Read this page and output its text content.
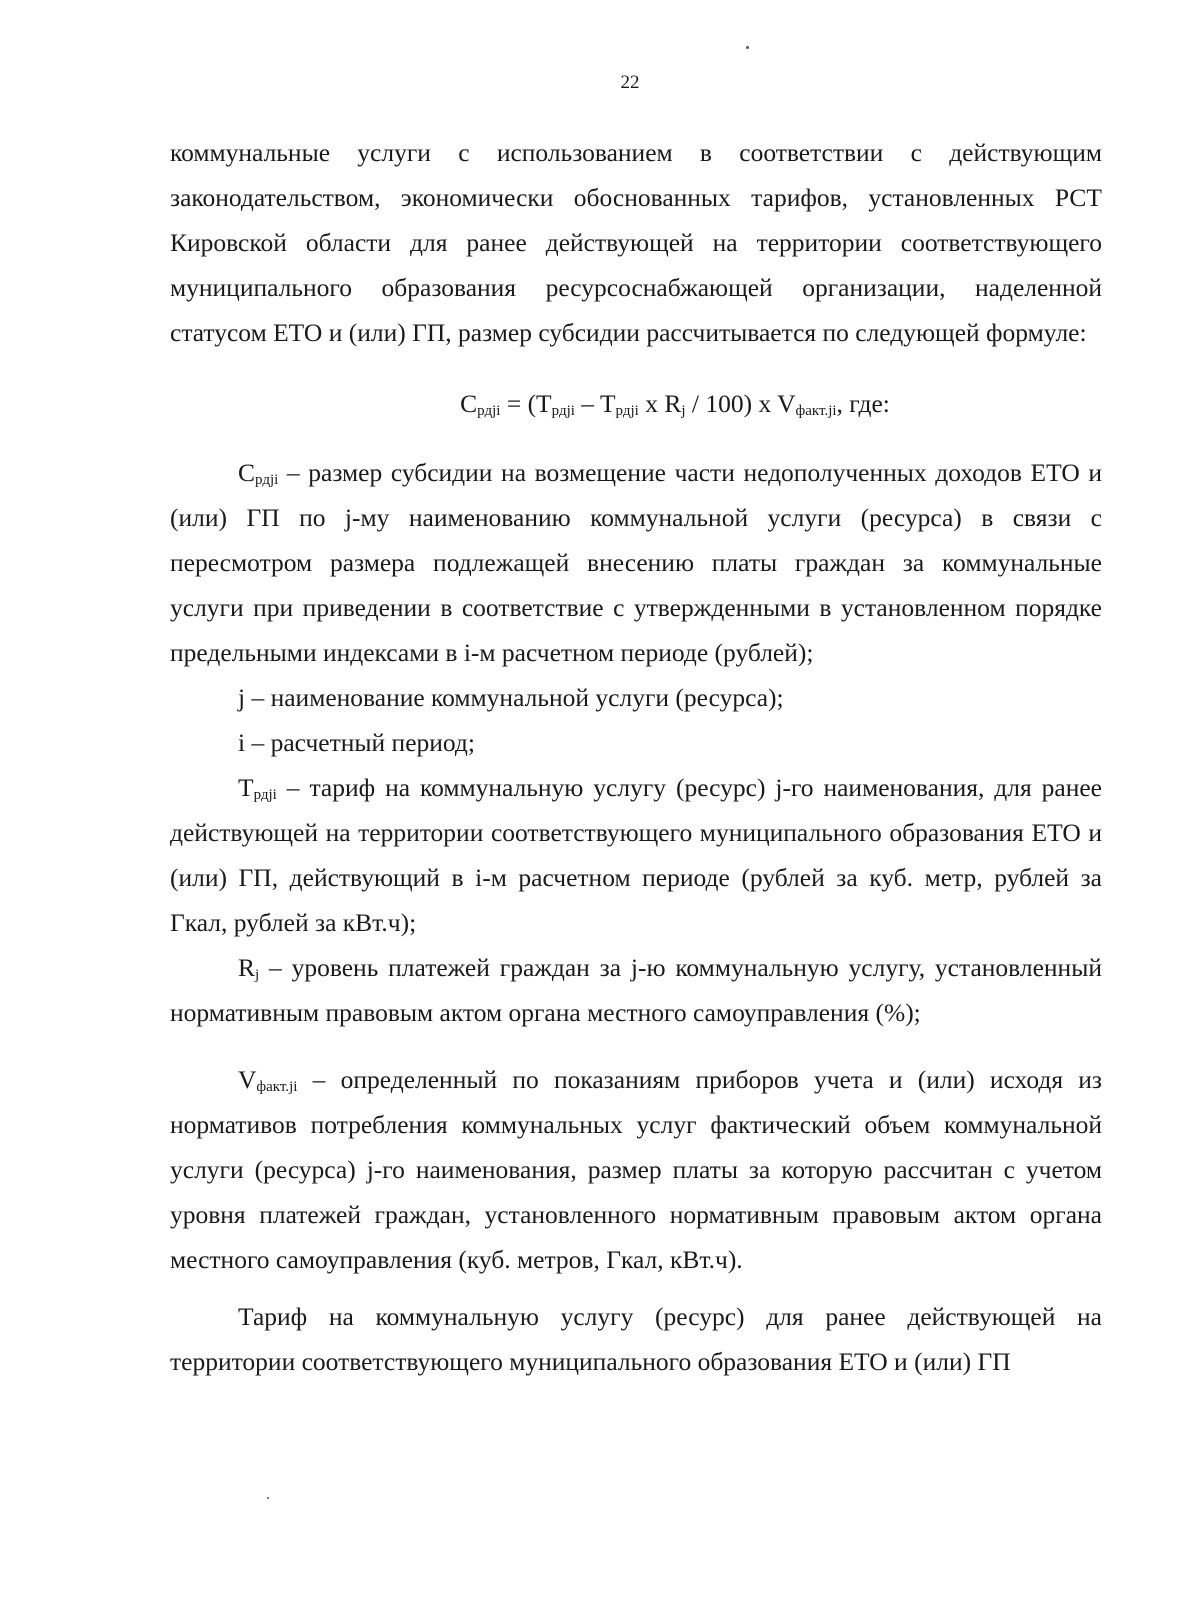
22

коммунальные услуги с использованием в соответствии с действующим законодательством, экономически обоснованных тарифов, установленных РСТ Кировской области для ранее действующей на территории соответствующего муниципального образования ресурсоснабжающей организации, наделенной статусом ЕТО и (или) ГП, размер субсидии рассчитывается по следующей формуле:

$C_{рдji} = (T_{рдji} - T_{рдji}$ x $R_j / 100$) x $V_{факт.ji}$, где:

$C_{рдji}$ – размер субсидии на возмещение части недополученных доходов ЕТО и (или) ГП по j-му наименованию коммунальной услуги (ресурса) в связи с пересмотром размера подлежащей внесению платы граждан за коммунальные услуги при приведении в соответствие с утвержденными в установленном порядке предельными индексами в i-м расчетном периоде (рублей);

j – наименование коммунальной услуги (ресурса);

i – расчетный период;

$T_{рдji}$ – тариф на коммунальную услугу (ресурс) j-го наименования, для ранее действующей на территории соответствующего муниципального образования ЕТО и (или) ГП, действующий в i-м расчетном периоде (рублей за куб. метр, рублей за Гкал, рублей за кВт.ч);

$R_j$ – уровень платежей граждан за j-ю коммунальную услугу, установленный нормативным правовым актом органа местного самоуправления (%);

$V_{факт.ji}$ – определенный по показаниям приборов учета и (или) исходя из нормативов потребления коммунальных услуг фактический объем коммунальной услуги (ресурса) j-го наименования, размер платы за которую рассчитан с учетом уровня платежей граждан, установленного нормативным правовым актом органа местного самоуправления (куб. метров, Гкал, кВт.ч).

Тариф на коммунальную услугу (ресурс) для ранее действующей на территории соответствующего муниципального образования ЕТО и (или) ГП
